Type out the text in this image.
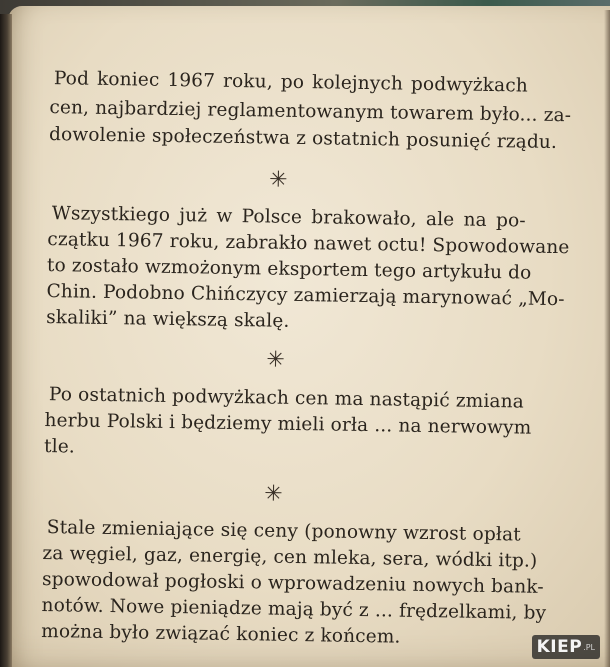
Pod koniec 1967 roku, po kolejnych podwyżkach
cen, najbardziej reglamentowanym towarem było... za-
dowolenie społeczeństwa z ostatnich posunięć rządu.
✳
Wszystkiego już w Polsce brakowało, ale na po-
czątku 1967 roku, zabrakło nawet octu! Spowodowane
to zostało wzmożonym eksportem tego artykułu do
Chin. Podobno Chińczycy zamierzają marynować „Mo-
skaliki” na większą skalę.
✳
Po ostatnich podwyżkach cen ma nastąpić zmiana
herbu Polski i będziemy mieli orła ... na nerwowym
tle.
✳
Stale zmieniające się ceny (ponowny wzrost opłat
za węgiel, gaz, energię, cen mleka, sera, wódki itp.)
spowodował pogłoski o wprowadzeniu nowych bank-
notów. Nowe pieniądze mają być z ... frędzelkami, by
można było związać koniec z końcem.	KIEP .PL
